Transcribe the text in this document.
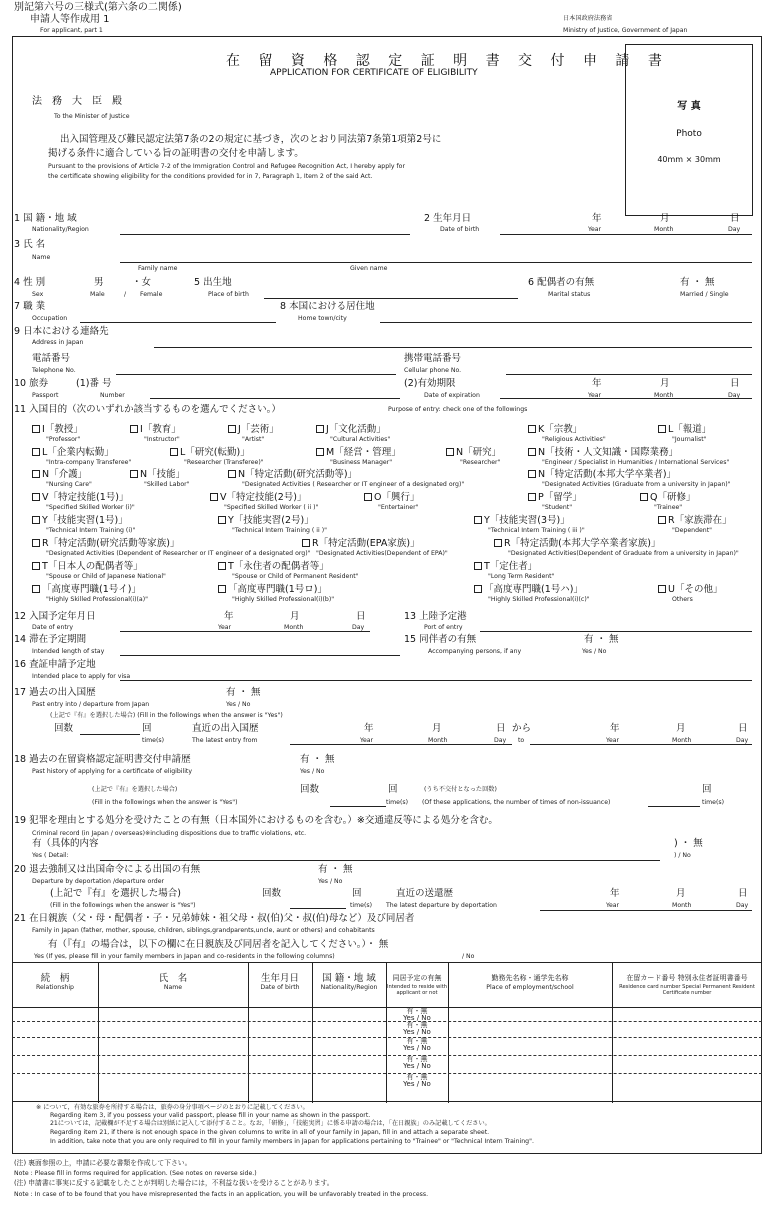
別記第六号の三様式(第六条の二関係)
申請人等作成用 1
For applicant, part 1
日本国政府法務省
Ministry of Justice, Government of Japan
在 留 資 格 認 定 証 明 書 交 付 申 請 書
APPLICATION FOR CERTIFICATE OF ELIGIBILITY
写 真
Photo
40mm × 30mm
法　務　大　臣　殿
To the Minister of Justice
出入国管理及び難民認定法第7条の2の規定に基づき，次のとおり同法第7条第1項第2号に
掲げる条件に適合している旨の証明書の交付を申請します。
Pursuant to the provisions of Article 7-2 of the Immigration Control and Refugee Recognition Act, I hereby apply for
the certificate showing eligibility for the conditions provided for in 7, Paragraph 1, Item 2 of the said Act.
1 国 籍・地 域
Nationality/Region
2 生年月日
Date of birth
年
Year
月
Month
日
Day
3 氏 名
Name
Family name	Given name
4 性 別
Sex
男
Male	/
・女
Female
5 出生地
Place of birth
6 配偶者の有無
Marital status
有 ・ 無
Married / Single
7 職 業
Occupation
8 本国における居住地
Home town/city
9 日本における連絡先
Address in Japan
電話番号
Telephone No.
携帯電話番号
Cellular phone No.
10 旅券
Passport
(1)番 号
Number
(2)有効期限
Date of expiration
年
Year
月
Month
日
Day
11 入国目的（次のいずれか該当するものを選んでください。）	Purpose of entry: check one of the followings
I「教授」
"Professor"
I「教育」
"Instructor"
J「芸術」
"Artist"
J「文化活動」
"Cultural Activities"
K「宗教」
"Religious Activities"
L「報道」
"Journalist"
L「企業内転勤」
"Intra-company Transferee"
L「研究(転勤)」
"Researcher (Transferee)"
M「経営・管理」
"Business Manager"
N「研究」
"Researcher"
N「技術・人文知識・国際業務」
"Engineer / Specialist in Humanities / International Services"
N「介護」
"Nursing Care"
N「技能」
"Skilled Labor"
N「特定活動(研究活動等)」
"Designated Activities ( Researcher or IT engineer of a designated org)"
N「特定活動(本邦大学卒業者)」
"Designated Activities (Graduate from a university in Japan)"
V「特定技能(1号)」
"Specified Skilled Worker (i)"
V「特定技能(2号)」
"Specified Skilled Worker ( ii )"
O「興行」
"Entertainer"
P「留学」
"Student"
Q「研修」
"Trainee"
Y「技能実習(1号)」
"Technical Intern Training (i)"
Y「技能実習(2号)」
"Technical Intern Training ( ii )"
Y「技能実習(3号)」
"Technical Intern Training ( iii )"
R「家族滞在」
"Dependent"
R「特定活動(研究活動等家族)」
"Designated Activities (Dependent of Researcher or IT engineer of a designated org)"
R「特定活動(EPA家族)」
"Designated Activities(Dependent of EPA)"
R「特定活動(本邦大学卒業者家族)」
"Designated Activities(Dependent of Graduate from a university in Japan)"
T「日本人の配偶者等」
"Spouse or Child of Japanese National"
T「永住者の配偶者等」
"Spouse or Child of Permanent Resident"
T「定住者」
"Long Term Resident"
「高度専門職(1号イ)」
"Highly Skilled Professional(i)(a)"
「高度専門職(1号ロ)」
"Highly Skilled Professional(i)(b)"
「高度専門職(1号ハ)」
"Highly Skilled Professional(i)(c)"
U「その他」
Others
12 入国予定年月日
Date of entry
年
Year
月
Month
日
Day
13 上陸予定港
Port of entry
14 滞在予定期間
Intended length of stay
15 同伴者の有無
Accompanying persons, if any
有 ・ 無
Yes / No
16 査証申請予定地
Intended place to apply for visa
17 過去の出入国歴
Past entry into / departure from Japan
有 ・ 無
Yes / No
(上記で『有』を選択した場合) (Fill in the followings when the answer is "Yes")
回数	回
time(s)
直近の出入国歴
The latest entry from
年
Year
月
Month
日
Day
から
to
年
Year
月
Month
日
Day
18 過去の在留資格認定証明書交付申請歴
Past history of applying for a certificate of eligibility
有 ・ 無
Yes / No
(上記で『有』を選択した場合)
(Fill in the followings when the answer is "Yes")
回数	回
time(s)
(うち不交付となった回数)
(Of these applications, the number of times of non-issuance)
回
time(s)
19 犯罪を理由とする処分を受けたことの有無（日本国外におけるものを含む。）※交通違反等による処分を含む。
Criminal record (in Japan / overseas)※including dispositions due to traffic violations, etc.
有（具体的内容
Yes ( Detail:
) ・ 無
) / No
20 退去強制又は出国命令による出国の有無
Departure by deportation /departure order
有 ・ 無
Yes / No
(上記で『有』を選択した場合)
(Fill in the followings when the answer is "Yes")
回数	回
time(s)
直近の送還歴
The latest departure by deportation
年
Year
月
Month
日
Day
21 在日親族（父・母・配偶者・子・兄弟姉妹・祖父母・叔(伯)父・叔(伯)母など）及び同居者
Family in Japan (father, mother, spouse, children, siblings,grandparents,uncle, aunt or others) and cohabitants
有（『有』の場合は，以下の欄に在日親族及び同居者を記入してください。）・ 無
Yes (If yes, please fill in your family members in Japan and co-residents in the following columns)	/ No
続　柄
Relationship
氏　名
Name
生年月日
Date of birth
国 籍・地 域
Nationality/Region
同居予定の有無
Intended to reside with applicant or not
勤務先名称・通学先名称
Place of employment/school
在留カード番号 特別永住者証明書番号
Residence card number Special Permanent Resident Certificate number
有・無
Yes / No
有・無
Yes / No
有・無
Yes / No
有・無
Yes / No
有・無
Yes / No
※ について，有効な旅券を所持する場合は，旅券の身分事項ページのとおりに記載してください。
Regarding item 3, if you possess your valid passport, please fill in your name as shown in the passport.
21については，記載欄が不足する場合は別紙に記入して添付すること。なお，「研修」，「技能実習」に係る申請の場合は，「在日親族」のみ記載してください。
Regarding item 21, if there is not enough space in the given columns to write in all of your family in Japan, fill in and attach a separate sheet.
In addition, take note that you are only required to fill in your family members in Japan for applications pertaining to "Trainee" or "Technical Intern Training".
(注) 裏面参照の上，申請に必要な書類を作成して下さい。
Note : Please fill in forms required for application. (See notes on reverse side.)
(注) 申請書に事実に反する記載をしたことが判明した場合には，不利益な扱いを受けることがあります。
Note : In case of to be found that you have misrepresented the facts in an application, you will be unfavorably treated in the process.
